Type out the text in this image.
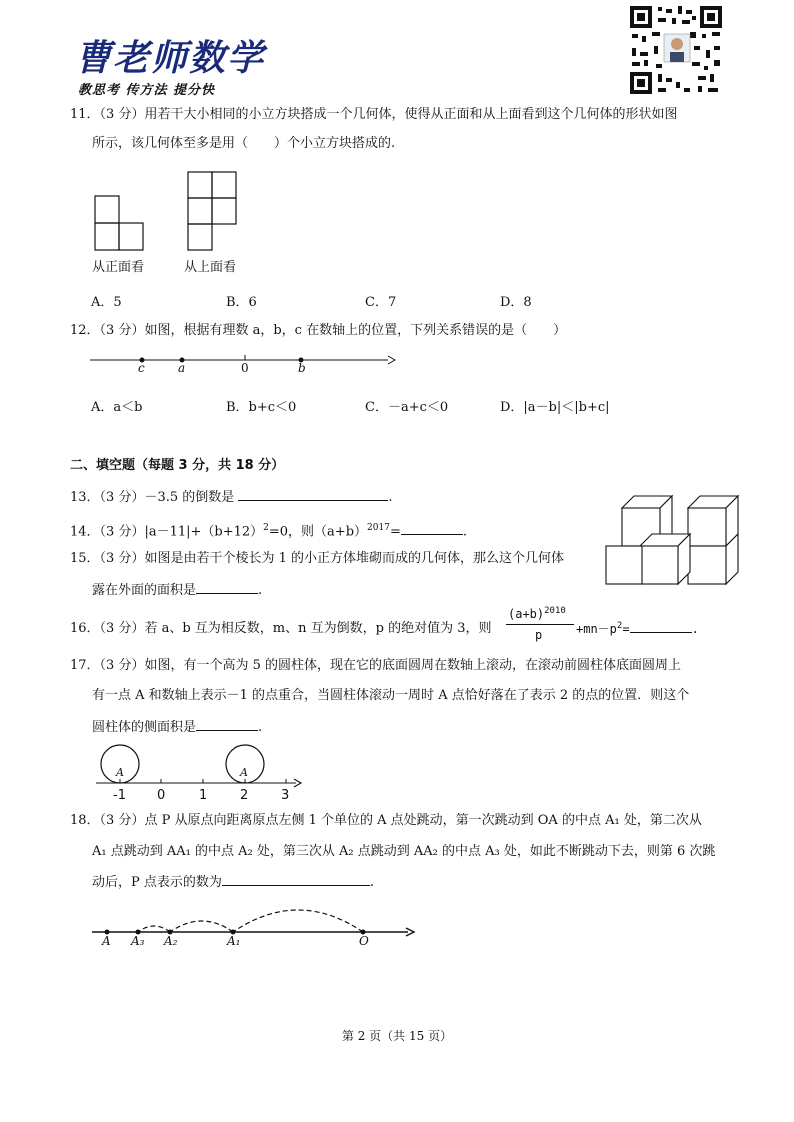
曹老师数学
教思考 传方法 提分快
11．（3 分）用若干大小相同的小立方块搭成一个几何体，使得从正面和从上面看到这个几何体的形状如图
所示，该几何体至多是用（　　）个小立方块搭成的.
从正面看	从上面看
A．5	B．6	C．7	D．8
12．（3 分）如图，根据有理数 a，b，c 在数轴上的位置，下列关系错误的是（　　）
c	a	0	b
A．a＜b	B．b+c＜0	C．－a+c＜0	D．|a－b|＜|b+c|
二、填空题（每题 3 分，共 18 分）
13．（3 分）－3.5 的倒数是	.
14．（3 分）$|a-11|+(b+12)^2=0$，则$(a+b)^{2017}=$	.
15．（3 分）如图是由若干个棱长为 1 的小正方体堆砌而成的几何体，那么这个几何体
露在外面的面积是	.
16．（3 分）若 a、b 互为相反数，m、n 互为倒数，p 的绝对值为 3，则
$(a+b)^{2010}$
p	$+mn-p^2=$	.
17．（3 分）如图，有一个高为 5 的圆柱体，现在它的底面圆周在数轴上滚动，在滚动前圆柱体底面圆周上
有一点 A 和数轴上表示－1 的点重合，当圆柱体滚动一周时 A 点恰好落在了表示 2 的点的位置．则这个
圆柱体的侧面积是	.
A	A
-1 0	1	2	3
18．（3 分）点 P 从原点向距离原点左侧 1 个单位的 A 点处跳动，第一次跳动到 OA 的中点 A₁ 处，第二次从
A₁ 点跳动到 AA₁ 的中点 A₂ 处，第三次从 A₂ 点跳动到 AA₂ 的中点 A₃ 处，如此不断跳动下去，则第 6 次跳
动后，P 点表示的数为	.
A A₃ A₂	A₁	O
第 2 页（共 15 页）
